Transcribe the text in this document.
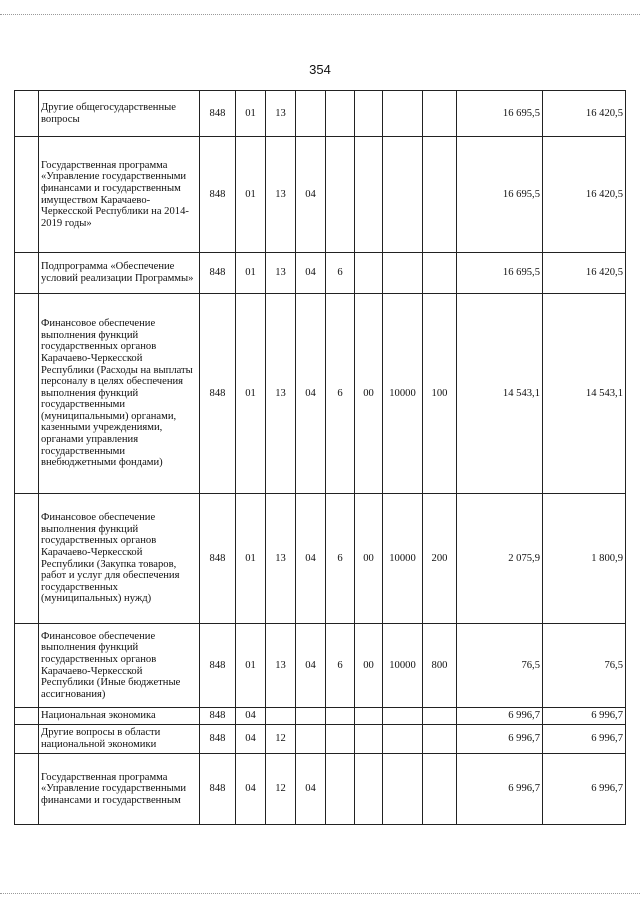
354
	Другие общегосударственные вопросы	848	01	13						16 695,5	16 420,5
	Государственная программа «Управление государственными финансами и государственным имуществом Карачаево-Черкесской Республики на 2014-2019 годы»	848	01	13	04					16 695,5	16 420,5
	Подпрограмма «Обеспечение условий реализации Программы»	848	01	13	04	6				16 695,5	16 420,5
	Финансовое обеспечение выполнения функций государственных органов Карачаево-Черкесской Республики (Расходы на выплаты персоналу в целях обеспечения выполнения функций государственными (муниципальными) органами, казенными учреждениями, органами управления государственными внебюджетными фондами)	848	01	13	04	6	00	10000	100	14 543,1	14 543,1
	Финансовое обеспечение выполнения функций государственных органов Карачаево-Черкесской Республики (Закупка товаров, работ и услуг для обеспечения государственных (муниципальных) нужд)	848	01	13	04	6	00	10000	200	2 075,9	1 800,9
	Финансовое обеспечение выполнения функций государственных органов Карачаево-Черкесской Республики (Иные бюджетные ассигнования)	848	01	13	04	6	00	10000	800	76,5	76,5
	Национальная экономика	848	04							6 996,7	6 996,7
	Другие вопросы в области национальной экономики	848	04	12						6 996,7	6 996,7
	Государственная программа «Управление государственными финансами и государственным	848	04	12	04					6 996,7	6 996,7
